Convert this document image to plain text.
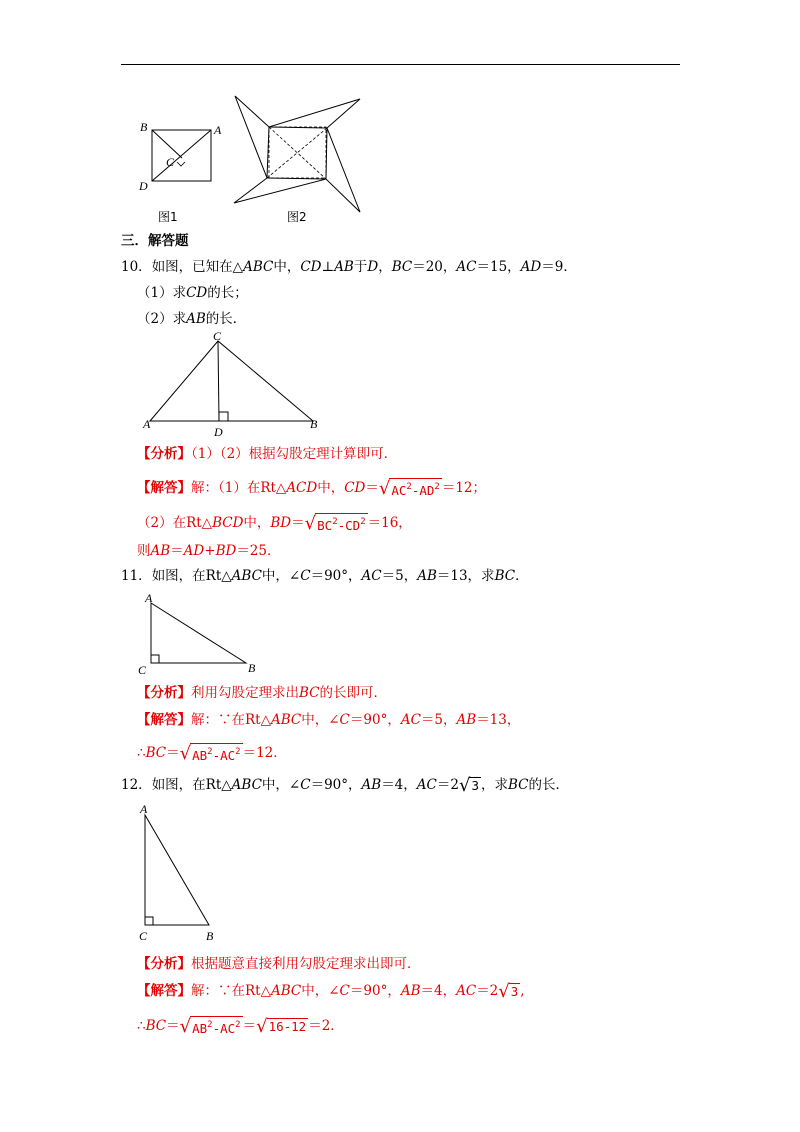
B	A
C
D
图1	图2
三．解答题
10．如图，已知在△ABC中，CD⊥AB于D，BC＝20，AC＝15，AD＝9．
（1）求CD的长；
（2）求AB的长．
C
A
D
B
【分析】（1）（2）根据勾股定理计算即可．
【解答】解：（1）在Rt△ACD中，$CD=√AC^2-AD^2 =12$；
（2）在Rt△BCD中，$BD=√BC^2-CD^2 =16$，
则AB＝AD+BD＝25．
11．如图，在Rt△ABC中，∠C＝90°，AC＝5，AB＝13，求BC．
A
C	B
【分析】利用勾股定理求出BC的长即可．
【解答】解：∵在Rt△ABC中，∠C＝90°，AC＝5，AB＝13，
$\therefore BC=√AB^2-AC^2 =12$．
12．如图，在Rt△ABC中，∠C＝90°，AB＝4，AC＝2√3 ，求BC的长．
A
C	B
【分析】根据题意直接利用勾股定理求出即可．
【解答】解：∵在Rt△ABC中，∠C＝90°，AB＝4，AC＝2√3 ,
$\therefore BC=√AB^2-AC^2 =√16-12 =2$．
